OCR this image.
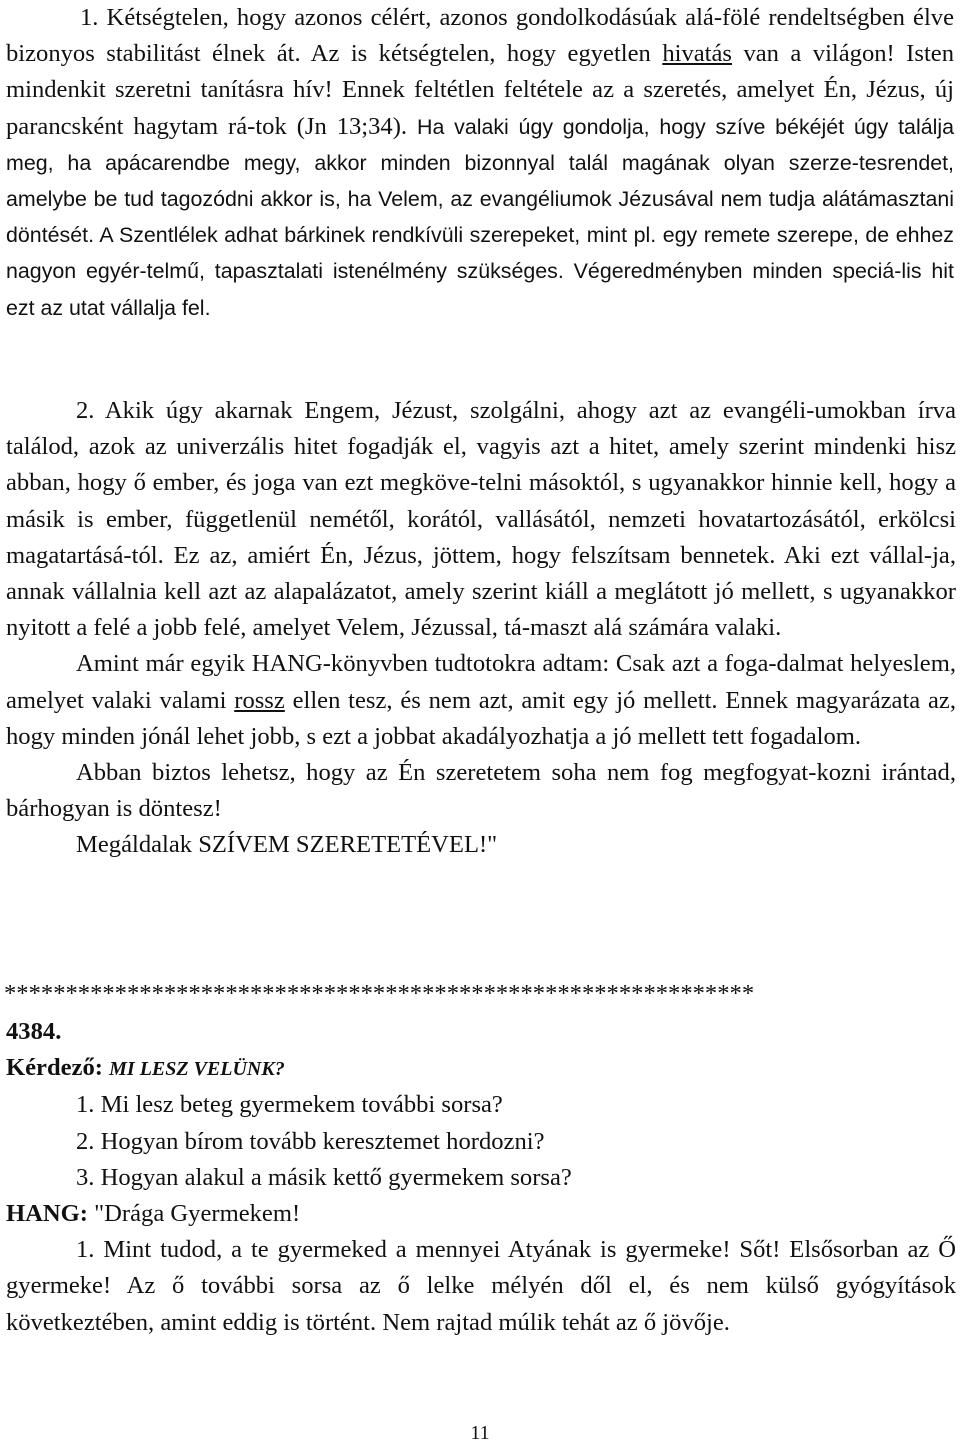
1. Kétségtelen, hogy azonos célért, azonos gondolkodásúak alá-fölé rendeltségben élve bizonyos stabilitást élnek át. Az is kétségtelen, hogy egyetlen hivatás van a világon! Isten mindenkit szeretni tanításra hív! Ennek feltétlen feltétele az a szeretés, amelyet Én, Jézus, új parancsként hagytam rá-tok (Jn 13;34). Ha valaki úgy gondolja, hogy szíve békéjét úgy találja meg, ha apácarendbe megy, akkor minden bizonnyal talál magának olyan szerze-tesrendet, amelybe be tud tagozódni akkor is, ha Velem, az evangéliumok Jézusával nem tudja alátámasztani döntését. A Szentlélek adhat bárkinek rendkívüli szerepeket, mint pl. egy remete szerepe, de ehhez nagyon egyér-telmű, tapasztalati istenélmény szükséges. Végeredményben minden speciá-lis hit ezt az utat vállalja fel.

2. Akik úgy akarnak Engem, Jézust, szolgálni, ahogy azt az evangéli-umokban írva találod, azok az univerzális hitet fogadják el, vagyis azt a hitet, amely szerint mindenki hisz abban, hogy ő ember, és joga van ezt megköve-telni másoktól, s ugyanakkor hinnie kell, hogy a másik is ember, függetlenül nemétől, korától, vallásától, nemzeti hovatartozásától, erkölcsi magatartásá-tól. Ez az, amiért Én, Jézus, jöttem, hogy felszítsam bennetek. Aki ezt vállal-ja, annak vállalnia kell azt az alapalázatot, amely szerint kiáll a meglátott jó mellett, s ugyanakkor nyitott a felé a jobb felé, amelyet Velem, Jézussal, tá-maszt alá számára valaki.

Amint már egyik HANG-könyvben tudtotokra adtam: Csak azt a foga-dalmat helyeslem, amelyet valaki valami rossz ellen tesz, és nem azt, amit egy jó mellett. Ennek magyarázata az, hogy minden jónál lehet jobb, s ezt a jobbat akadályozhatja a jó mellett tett fogadalom.

Abban biztos lehetsz, hogy az Én szeretetem soha nem fog megfogyat-kozni irántad, bárhogyan is döntesz!

Megáldalak SZÍVEM SZERETETÉVEL!"

*************************************************************

4384.

Kérdező: MI LESZ VELÜNK?

1. Mi lesz beteg gyermekem további sorsa?

2. Hogyan bírom tovább keresztemet hordozni?

3. Hogyan alakul a másik kettő gyermekem sorsa?

HANG: "Drága Gyermekem!

1. Mint tudod, a te gyermeked a mennyei Atyának is gyermeke! Sőt! Elsősorban az Ő gyermeke! Az ő további sorsa az ő lelke mélyén dől el, és nem külső gyógyítások következtében, amint eddig is történt. Nem rajtad múlik tehát az ő jövője.

11
